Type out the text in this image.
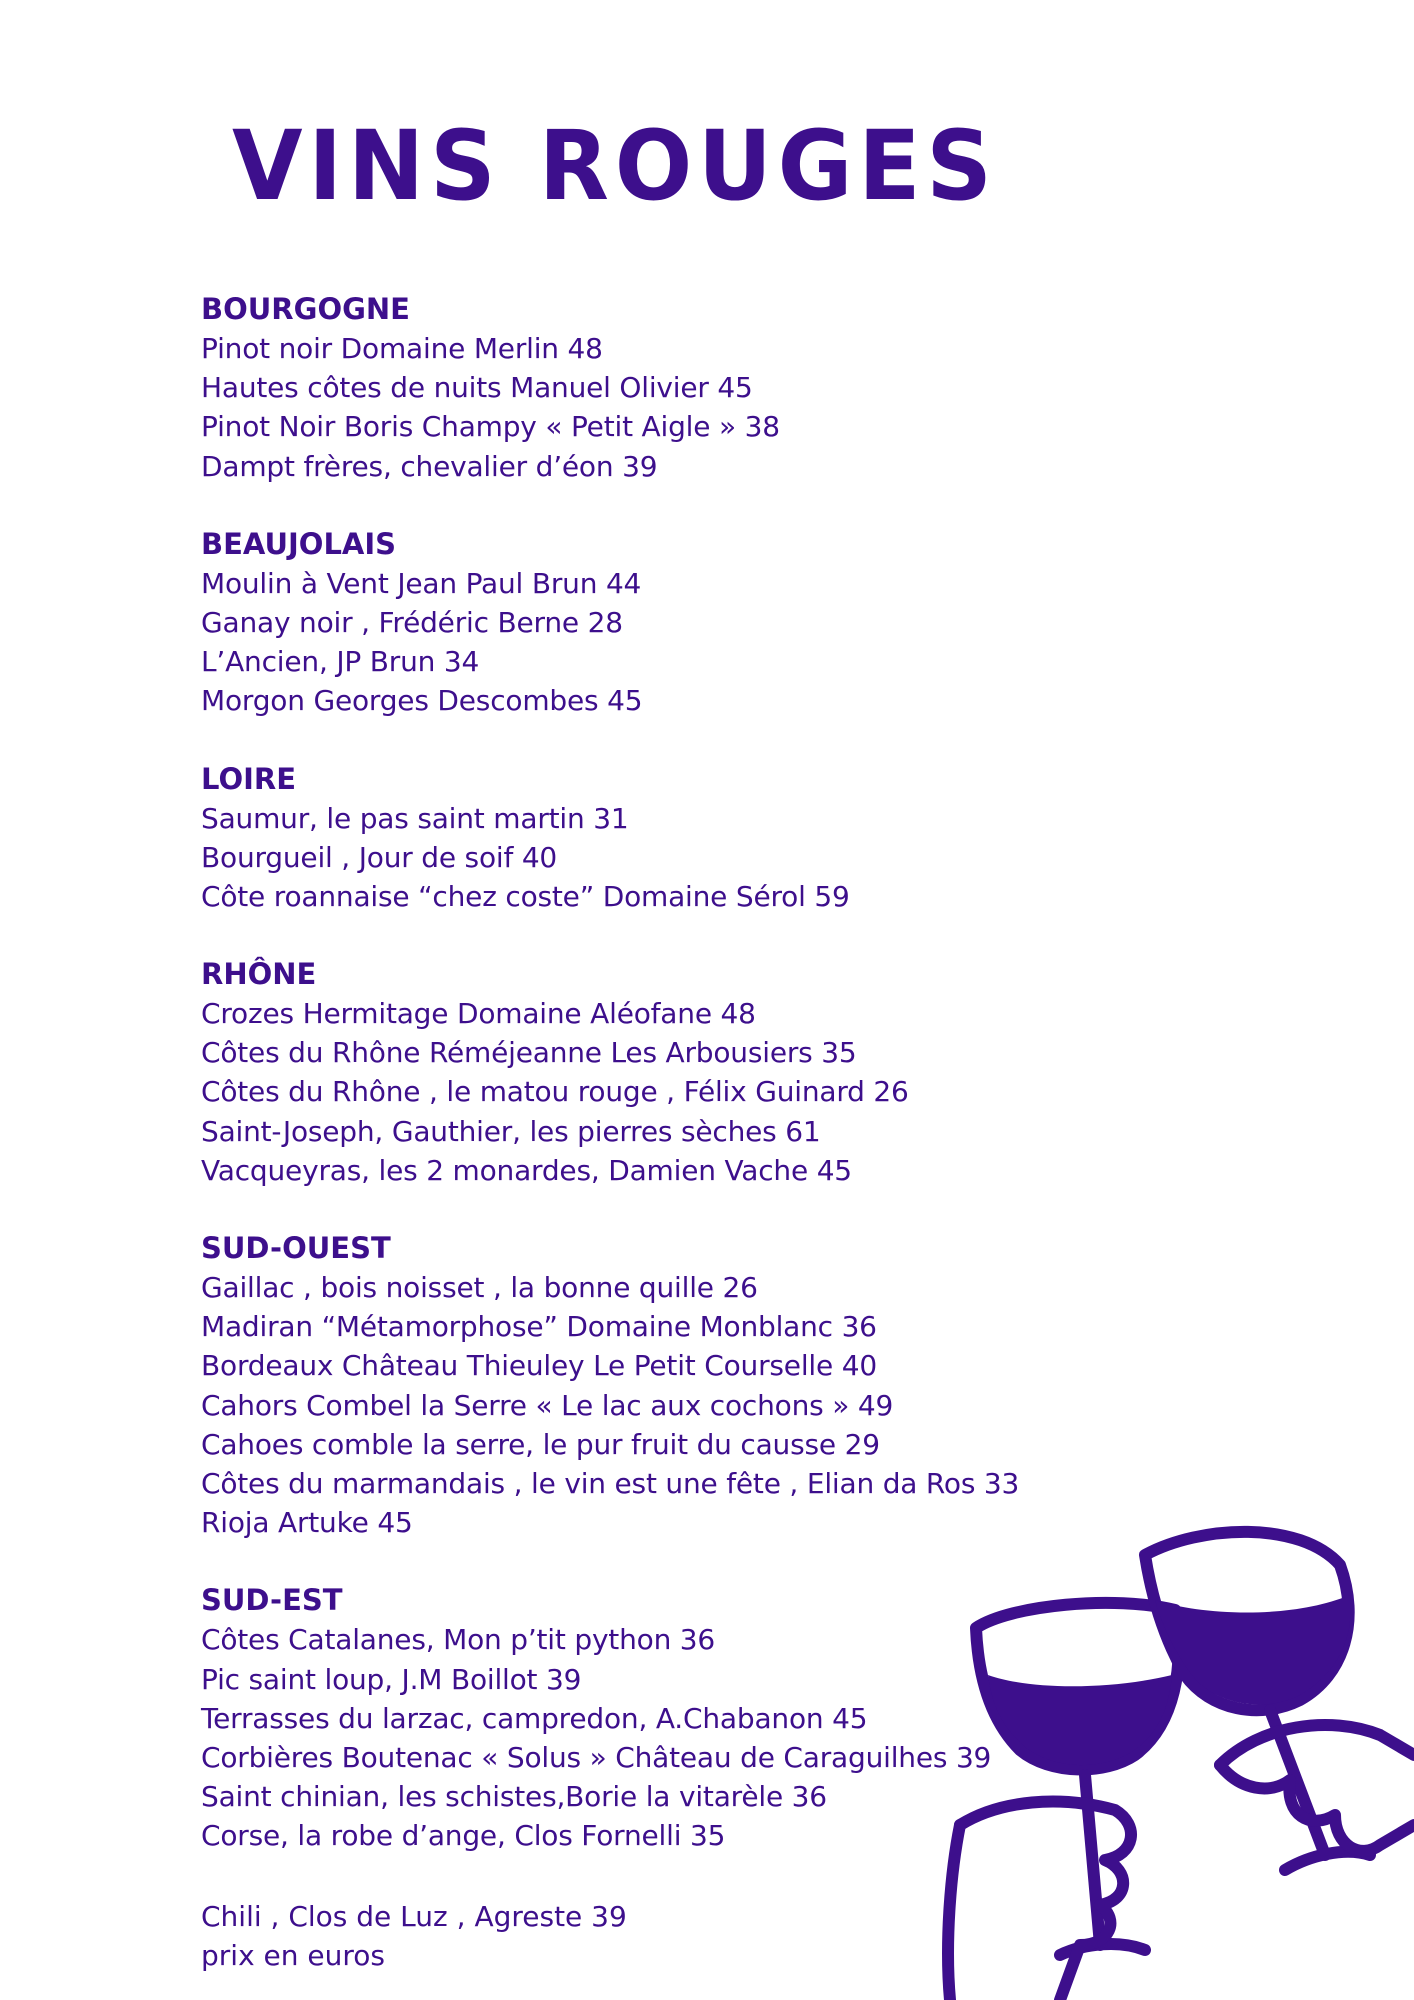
VINS ROUGES
BOURGOGNE
Pinot noir Domaine Merlin 48
Hautes côtes de nuits Manuel Olivier 45
Pinot Noir Boris Champy « Petit Aigle » 38
Dampt frères, chevalier d’éon 39
BEAUJOLAIS
Moulin à Vent Jean Paul Brun 44
Ganay noir , Frédéric Berne 28
L’Ancien, JP Brun 34
Morgon Georges Descombes 45
LOIRE
Saumur, le pas saint martin 31
Bourgueil , Jour de soif 40
Côte roannaise “chez coste” Domaine Sérol 59
RHÔNE
Crozes Hermitage Domaine Aléofane 48
Côtes du Rhône Réméjeanne Les Arbousiers 35
Côtes du Rhône , le matou rouge , Félix Guinard 26
Saint-Joseph, Gauthier, les pierres sèches 61
Vacqueyras, les 2 monardes, Damien Vache 45
SUD-OUEST
Gaillac , bois noisset , la bonne quille 26
Madiran “Métamorphose” Domaine Monblanc 36
Bordeaux Château Thieuley Le Petit Courselle 40
Cahors Combel la Serre « Le lac aux cochons » 49
Cahoes comble la serre, le pur fruit du causse 29
Côtes du marmandais , le vin est une fête , Elian da Ros 33
Rioja Artuke 45
SUD-EST
Côtes Catalanes, Mon p’tit python 36
Pic saint loup, J.M Boillot 39
Terrasses du larzac, campredon, A.Chabanon 45
Corbières Boutenac « Solus » Château de Caraguilhes 39
Saint chinian, les schistes,Borie la vitarèle 36
Corse, la robe d’ange, Clos Fornelli 35
Chili , Clos de Luz , Agreste 39
prix en euros
